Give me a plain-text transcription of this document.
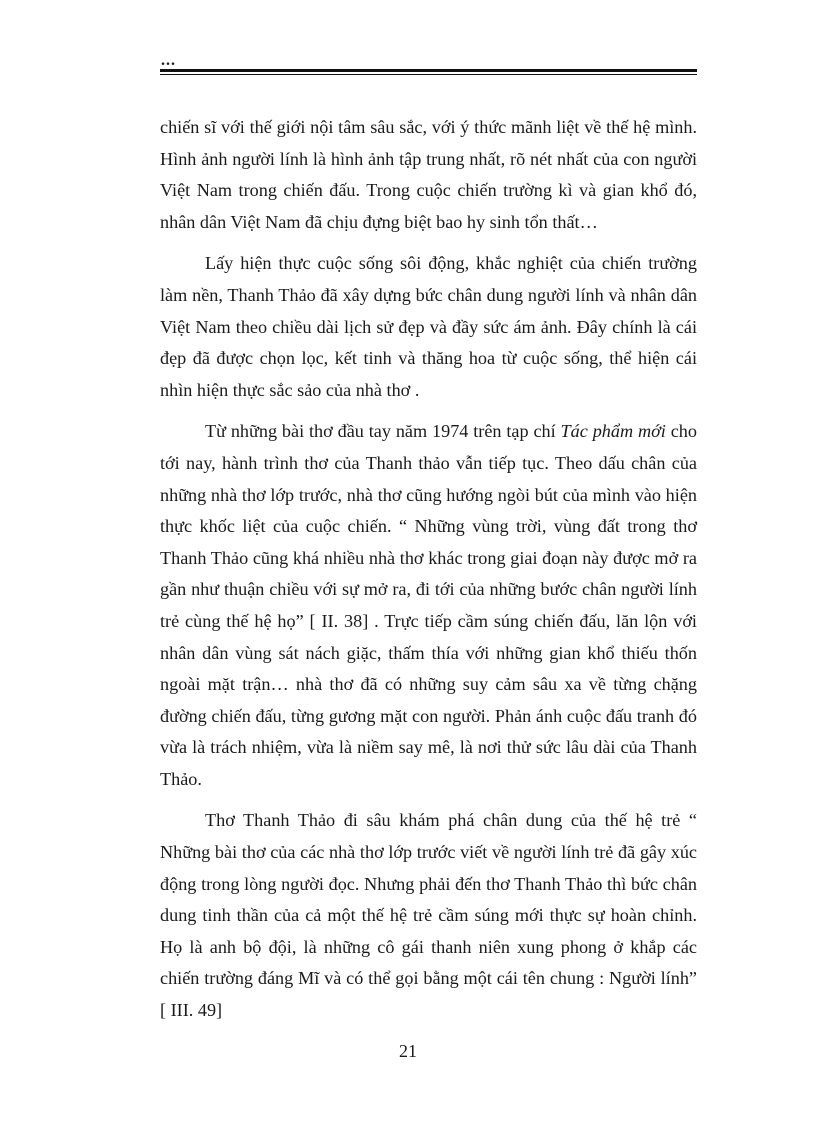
...

chiến sĩ với thế giới nội tâm sâu sắc, với ý thức mãnh liệt về thế hệ mình. Hình ảnh người lính là hình ảnh tập trung nhất, rõ nét nhất của con người Việt Nam trong chiến đấu. Trong cuộc chiến trường kì và gian khổ đó, nhân dân Việt Nam đã chịu đựng biệt bao hy sinh tổn thất…

Lấy hiện thực cuộc sống sôi động, khắc nghiệt của chiến trường làm nền, Thanh Thảo đã xây dựng bức chân dung người lính và nhân dân Việt Nam theo chiều dài lịch sử đẹp và đầy sức ám ảnh. Đây chính là cái đẹp đã được chọn lọc, kết tinh và thăng hoa từ cuộc sống, thể hiện cái nhìn hiện thực sắc sảo của nhà thơ .

Từ những bài thơ đầu tay năm 1974 trên tạp chí Tác phẩm mới cho tới nay, hành trình thơ của Thanh thảo vẫn tiếp tục. Theo dấu chân của những nhà thơ lớp trước, nhà thơ cũng hướng ngòi bút của mình vào hiện thực khốc liệt của cuộc chiến. “ Những vùng trời, vùng đất trong thơ Thanh Thảo cũng khá nhiều nhà thơ khác trong giai đoạn này được mở ra gần như thuận chiều với sự mở ra, đi tới của những bước chân người lính trẻ cùng thế hệ họ” [ II. 38] . Trực tiếp cầm súng chiến đấu, lăn lộn với nhân dân vùng sát nách giặc, thấm thía với những gian khổ thiếu thốn ngoài mặt trận… nhà thơ đã có những suy cảm sâu xa về từng chặng đường chiến đấu, từng gương mặt con người. Phản ánh cuộc đấu tranh đó vừa là trách nhiệm, vừa là niềm say mê, là nơi thử sức lâu dài của Thanh Thảo.

Thơ Thanh Thảo đi sâu khám phá chân dung của thế hệ trẻ “ Những bài thơ của các nhà thơ lớp trước viết về người lính trẻ đã gây xúc động trong lòng người đọc. Nhưng phải đến thơ Thanh Thảo thì bức chân dung tinh thần của cả một thế hệ trẻ cầm súng mới thực sự hoàn chỉnh. Họ là anh bộ đội, là những cô gái thanh niên xung phong ở khắp các chiến trường đáng Mĩ và có thể gọi bằng một cái tên chung : Người lính” [ III. 49]

21
